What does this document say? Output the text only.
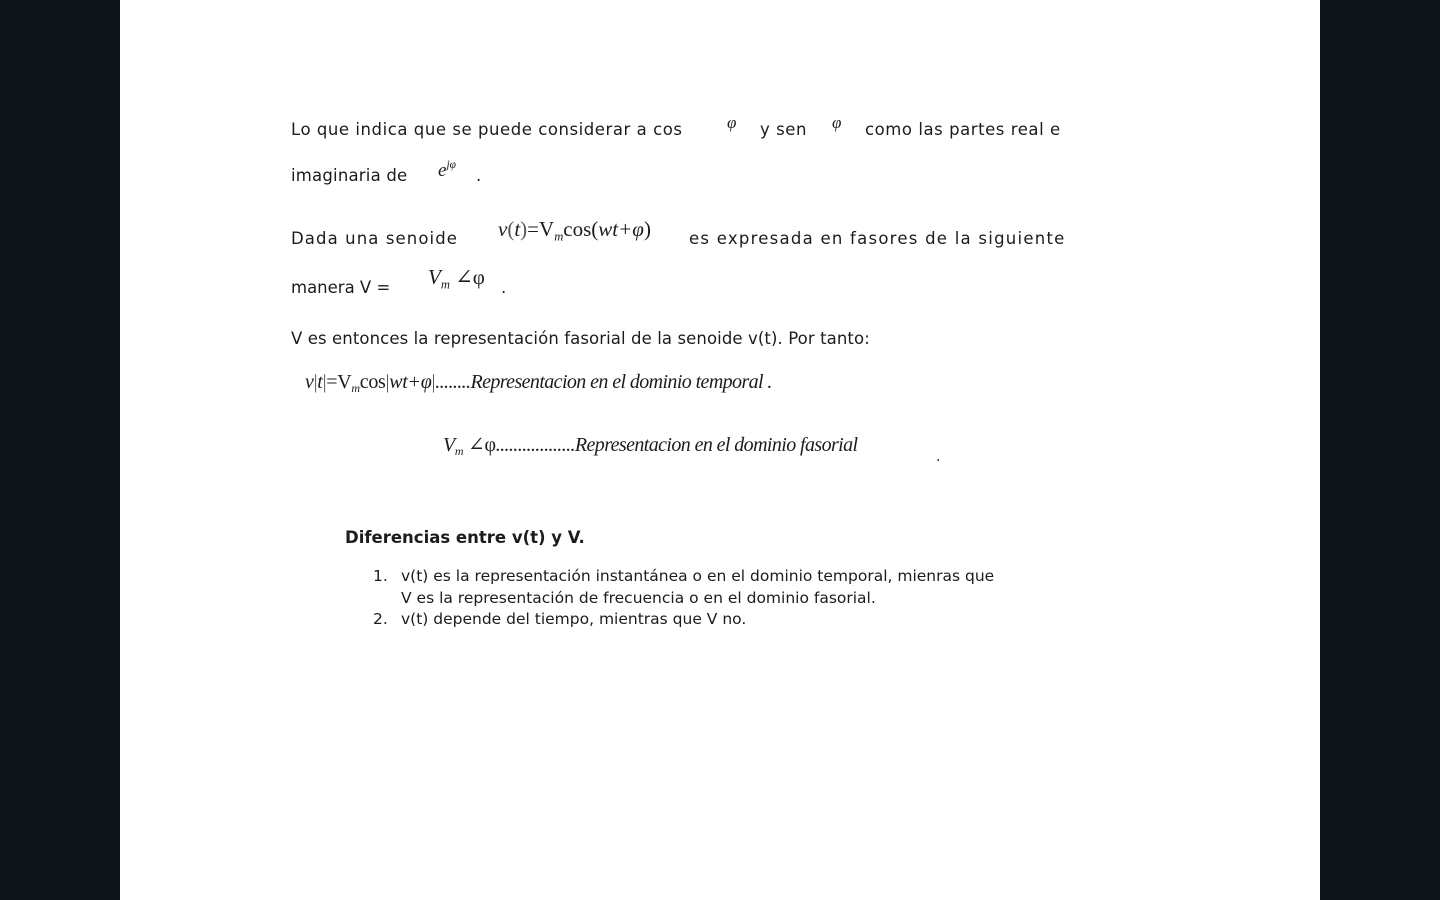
Lo que indica que se puede considerar a cos	φ y sen φ como las partes real e
imaginaria de $e^{j\varphi}$
.
Dada una senoide $v(t)=V_m\cos(wt+\varphi)$ es expresada en fasores de la siguiente
manera $V = V_m$ ∠φ .
V es entonces la representación fasorial de la senoide v(t). Por tanto:
$v|t|=V_m\cos|wt+\varphi|........Representacion$ en el dominio temporal .
$V_m$ ∠φ..................Representacion en el dominio fasorial
.
Diferencias entre v(t) y V.
1. v(t) es la representación instantánea o en el dominio temporal, mienras que
V es la representación de frecuencia o en el dominio fasorial.
2. v(t) depende del tiempo, mientras que V no.
